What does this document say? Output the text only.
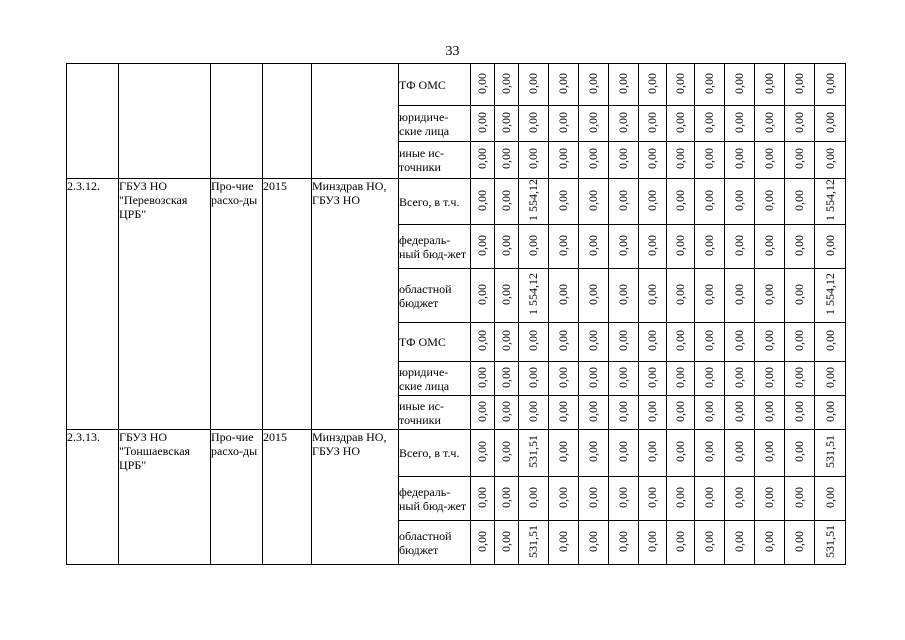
33
					ТФ ОМС	0,00	0,00	0,00	0,00	0,00	0,00	0,00	0,00	0,00	0,00	0,00	0,00	0,00
					юридиче-ские лица	0,00	0,00	0,00	0,00	0,00	0,00	0,00	0,00	0,00	0,00	0,00	0,00	0,00
					иные ис-точники	0,00	0,00	0,00	0,00	0,00	0,00	0,00	0,00	0,00	0,00	0,00	0,00	0,00
2.3.12.	ГБУЗ НО "Перевозская ЦРБ"	Про-чие расхо-ды	2015	Минздрав НО, ГБУЗ НО	Всего, в т.ч.	0,00	0,00	1 554,12	0,00	0,00	0,00	0,00	0,00	0,00	0,00	0,00	0,00	1 554,12
					федераль-ный бюд-жет	0,00	0,00	0,00	0,00	0,00	0,00	0,00	0,00	0,00	0,00	0,00	0,00	0,00
					областной бюджет	0,00	0,00	1 554,12	0,00	0,00	0,00	0,00	0,00	0,00	0,00	0,00	0,00	1 554,12
					ТФ ОМС	0,00	0,00	0,00	0,00	0,00	0,00	0,00	0,00	0,00	0,00	0,00	0,00	0,00
					юридиче-ские лица	0,00	0,00	0,00	0,00	0,00	0,00	0,00	0,00	0,00	0,00	0,00	0,00	0,00
					иные ис-точники	0,00	0,00	0,00	0,00	0,00	0,00	0,00	0,00	0,00	0,00	0,00	0,00	0,00
2.3.13.	ГБУЗ НО "Тоншаевская ЦРБ"	Про-чие расхо-ды	2015	Минздрав НО, ГБУЗ НО	Всего, в т.ч.	0,00	0,00	531,51	0,00	0,00	0,00	0,00	0,00	0,00	0,00	0,00	0,00	531,51
					федераль-ный бюд-жет	0,00	0,00	0,00	0,00	0,00	0,00	0,00	0,00	0,00	0,00	0,00	0,00	0,00
					областной бюджет	0,00	0,00	531,51	0,00	0,00	0,00	0,00	0,00	0,00	0,00	0,00	0,00	531,51
